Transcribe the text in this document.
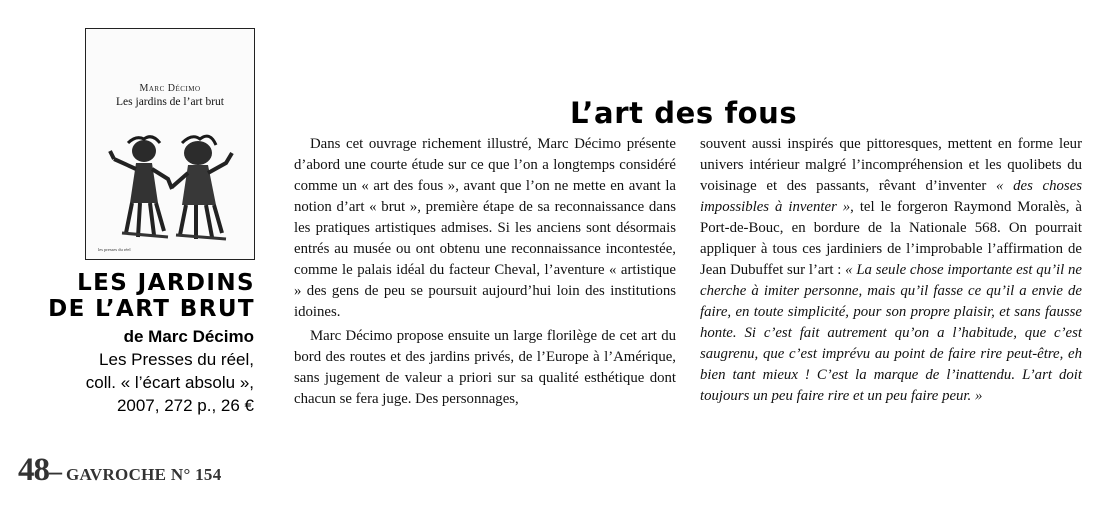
Marc Décimo
Les jardins de l’art brut
les presses du réel
LES JARDINS
DE L’ART BRUT
de Marc Décimo
Les Presses du réel,
coll. « l’écart absolu »,
2007, 272 p., 26 €
L’art des fous

Dans cet ouvrage richement illustré, Marc Décimo présente d’abord une courte étude sur ce que l’on a longtemps considéré comme un « art des fous », avant que l’on ne mette en avant la notion d’art « brut », première étape de sa reconnaissance dans les pratiques artistiques admises. Si les anciens sont désormais entrés au musée ou ont obtenu une reconnaissance incontestée, comme le palais idéal du facteur Cheval, l’aventure « artistique » des gens de peu se poursuit aujourd’hui loin des institutions idoines.

Marc Décimo propose ensuite un large florilège de cet art du bord des routes et des jardins privés, de l’Europe à l’Amérique, sans jugement de valeur a priori sur sa qualité esthétique dont chacun se fera juge. Des personnages,

souvent aussi inspirés que pittoresques, mettent en forme leur univers intérieur malgré l’incompréhension et les quolibets du voisinage et des passants, rêvant d’inventer « des choses impossibles à inventer », tel le forgeron Raymond Moralès, à Port-de-Bouc, en bordure de la Nationale 568. On pourrait appliquer à tous ces jardiniers de l’improbable l’affirmation de Jean Dubuffet sur l’art : « La seule chose importante est qu’il ne cherche à imiter personne, mais qu’il fasse ce qu’il a envie de faire, en toute simplicité, pour son propre plaisir, et sans fausse honte. Si c’est fait autrement qu’on a l’habitude, que c’est saugrenu, que c’est imprévu au point de faire rire peut-être, eh bien tant mieux ! C’est la marque de l’inattendu. L’art doit toujours un peu faire rire et un peu faire peur. »

48– GAVROCHE N° 154
